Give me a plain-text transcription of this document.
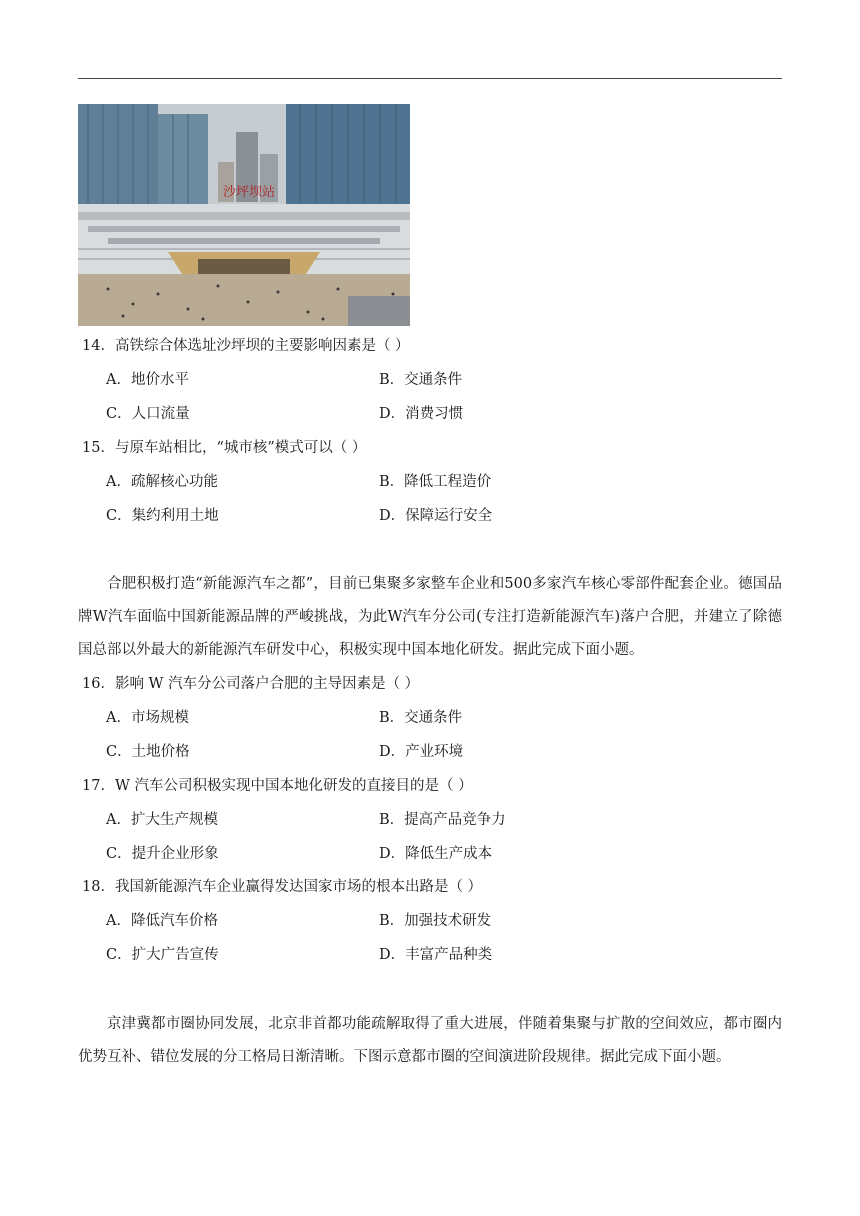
沙坪坝站
14．高铁综合体选址沙坪坝的主要影响因素是（ ）
A．地价水平	B．交通条件
C．人口流量	D．消费习惯
15．与原车站相比，“城市核”模式可以（ ）
A．疏解核心功能	B．降低工程造价
C．集约利用土地	D．保障运行安全
合肥积极打造“新能源汽车之都”，目前已集聚多家整车企业和500多家汽车核心零部件配套企业。德国品牌W汽车面临中国新能源品牌的严峻挑战，为此W汽车分公司(专注打造新能源汽车)落户合肥，并建立了除德国总部以外最大的新能源汽车研发中心，积极实现中国本地化研发。据此完成下面小题。
16．影响 W 汽车分公司落户合肥的主导因素是（ ）
A．市场规模	B．交通条件
C．土地价格	D．产业环境
17．W 汽车公司积极实现中国本地化研发的直接目的是（ ）
A．扩大生产规模	B．提高产品竞争力
C．提升企业形象	D．降低生产成本
18．我国新能源汽车企业赢得发达国家市场的根本出路是（ ）
A．降低汽车价格	B．加强技术研发
C．扩大广告宣传	D．丰富产品种类
京津冀都市圈协同发展，北京非首都功能疏解取得了重大进展，伴随着集聚与扩散的空间效应，都市圈内优势互补、错位发展的分工格局日渐清晰。下图示意都市圈的空间演进阶段规律。据此完成下面小题。
